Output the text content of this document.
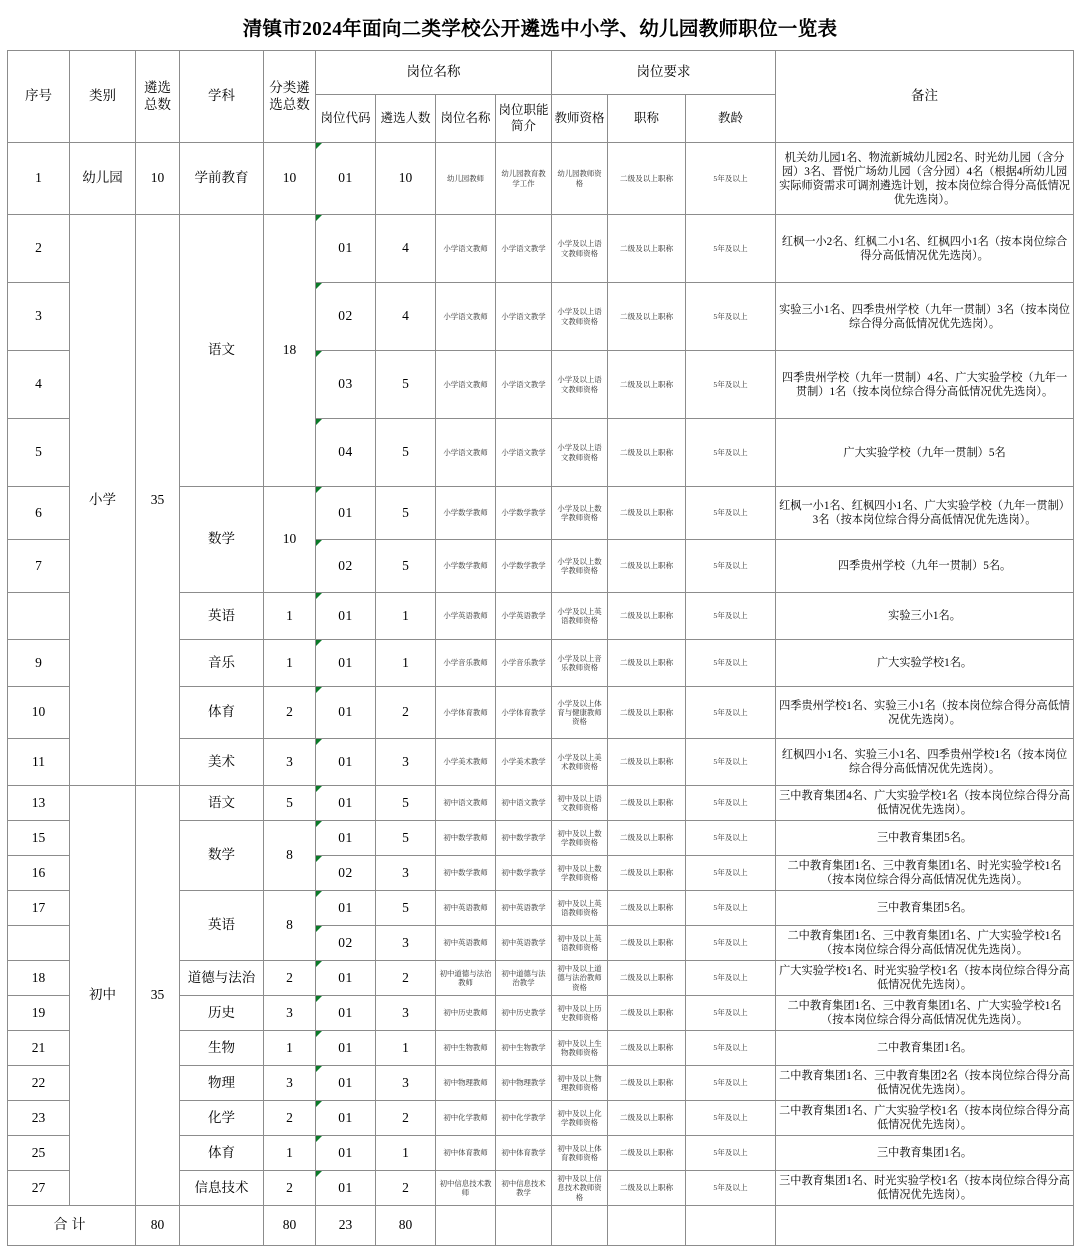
清镇市2024年面向二类学校公开遴选中小学、幼儿园教师职位一览表
序号	类别	遴选总数	学科	分类遴选总数	岗位名称				岗位要求			备注
					岗位代码	遴选人数	岗位名称	岗位职能简介	教师资格	职称	教龄	
1	幼儿园	10	学前教育	10	01	10	幼儿园教师	幼儿园教育教学工作	幼儿园教师资格	二级及以上职称	5年及以上	机关幼儿园1名、物流新城幼儿园2名、时光幼儿园（含分园）3名、晋悦广场幼儿园（含分园）4名（根据4所幼儿园实际师资需求可调剂遴选计划，按本岗位综合得分高低情况优先选岗）。
2	小学	35	语文	18	01	4	小学语文教师	小学语文教学	小学及以上语文教师资格	二级及以上职称	5年及以上	红枫一小2名、红枫二小1名、红枫四小1名（按本岗位综合得分高低情况优先选岗）。
3					02	4	小学语文教师	小学语文教学	小学及以上语文教师资格	二级及以上职称	5年及以上	实验三小1名、四季贵州学校（九年一贯制）3名（按本岗位综合得分高低情况优先选岗）。
4					03	5	小学语文教师	小学语文教学	小学及以上语文教师资格	二级及以上职称	5年及以上	四季贵州学校（九年一贯制）4名、广大实验学校（九年一贯制）1名（按本岗位综合得分高低情况优先选岗）。
5					04	5	小学语文教师	小学语文教学	小学及以上语文教师资格	二级及以上职称	5年及以上	广大实验学校（九年一贯制）5名
6			数学	10	01	5	小学数学教师	小学数学教学	小学及以上数学教师资格	二级及以上职称	5年及以上	红枫一小1名、红枫四小1名、广大实验学校（九年一贯制）3名（按本岗位综合得分高低情况优先选岗）。
7					02	5	小学数学教师	小学数学教学	小学及以上数学教师资格	二级及以上职称	5年及以上	四季贵州学校（九年一贯制）5名。
			英语	1	01	1	小学英语教师	小学英语教学	小学及以上英语教师资格	二级及以上职称	5年及以上	实验三小1名。
9			音乐	1	01	1	小学音乐教师	小学音乐教学	小学及以上音乐教师资格	二级及以上职称	5年及以上	广大实验学校1名。
10			体育	2	01	2	小学体育教师	小学体育教学	小学及以上体育与健康教师资格	二级及以上职称	5年及以上	四季贵州学校1名、实验三小1名（按本岗位综合得分高低情况优先选岗）。
11			美术	3	01	3	小学美术教师	小学美术教学	小学及以上美术教师资格	二级及以上职称	5年及以上	红枫四小1名、实验三小1名、四季贵州学校1名（按本岗位综合得分高低情况优先选岗）。
13	初中	35	语文	5	01	5	初中语文教师	初中语文教学	初中及以上语文教师资格	二级及以上职称	5年及以上	三中教育集团4名、广大实验学校1名（按本岗位综合得分高低情况优先选岗）。
15			数学	8	01	5	初中数学教师	初中数学教学	初中及以上数学教师资格	二级及以上职称	5年及以上	三中教育集团5名。
16					02	3	初中数学教师	初中数学教学	初中及以上数学教师资格	二级及以上职称	5年及以上	二中教育集团1名、三中教育集团1名、时光实验学校1名（按本岗位综合得分高低情况优先选岗）。
17			英语	8	01	5	初中英语教师	初中英语教学	初中及以上英语教师资格	二级及以上职称	5年及以上	三中教育集团5名。
					02	3	初中英语教师	初中英语教学	初中及以上英语教师资格	二级及以上职称	5年及以上	二中教育集团1名、三中教育集团1名、广大实验学校1名（按本岗位综合得分高低情况优先选岗）。
18			道德与法治	2	01	2	初中道德与法治教师	初中道德与法治教学	初中及以上道德与法治教师资格	二级及以上职称	5年及以上	广大实验学校1名、时光实验学校1名（按本岗位综合得分高低情况优先选岗）。
19			历史	3	01	3	初中历史教师	初中历史教学	初中及以上历史教师资格	二级及以上职称	5年及以上	二中教育集团1名、三中教育集团1名、广大实验学校1名（按本岗位综合得分高低情况优先选岗）。
21			生物	1	01	1	初中生物教师	初中生物教学	初中及以上生物教师资格	二级及以上职称	5年及以上	二中教育集团1名。
22			物理	3	01	3	初中物理教师	初中物理教学	初中及以上物理教师资格	二级及以上职称	5年及以上	二中教育集团1名、三中教育集团2名（按本岗位综合得分高低情况优先选岗）。
23			化学	2	01	2	初中化学教师	初中化学教学	初中及以上化学教师资格	二级及以上职称	5年及以上	二中教育集团1名、广大实验学校1名（按本岗位综合得分高低情况优先选岗）。
25			体育	1	01	1	初中体育教师	初中体育教学	初中及以上体育教师资格	二级及以上职称	5年及以上	三中教育集团1名。
27			信息技术	2	01	2	初中信息技术教师	初中信息技术教学	初中及以上信息技术教师资格	二级及以上职称	5年及以上	三中教育集团1名、时光实验学校1名（按本岗位综合得分高低情况优先选岗）。
合计		80		80	23	80						
